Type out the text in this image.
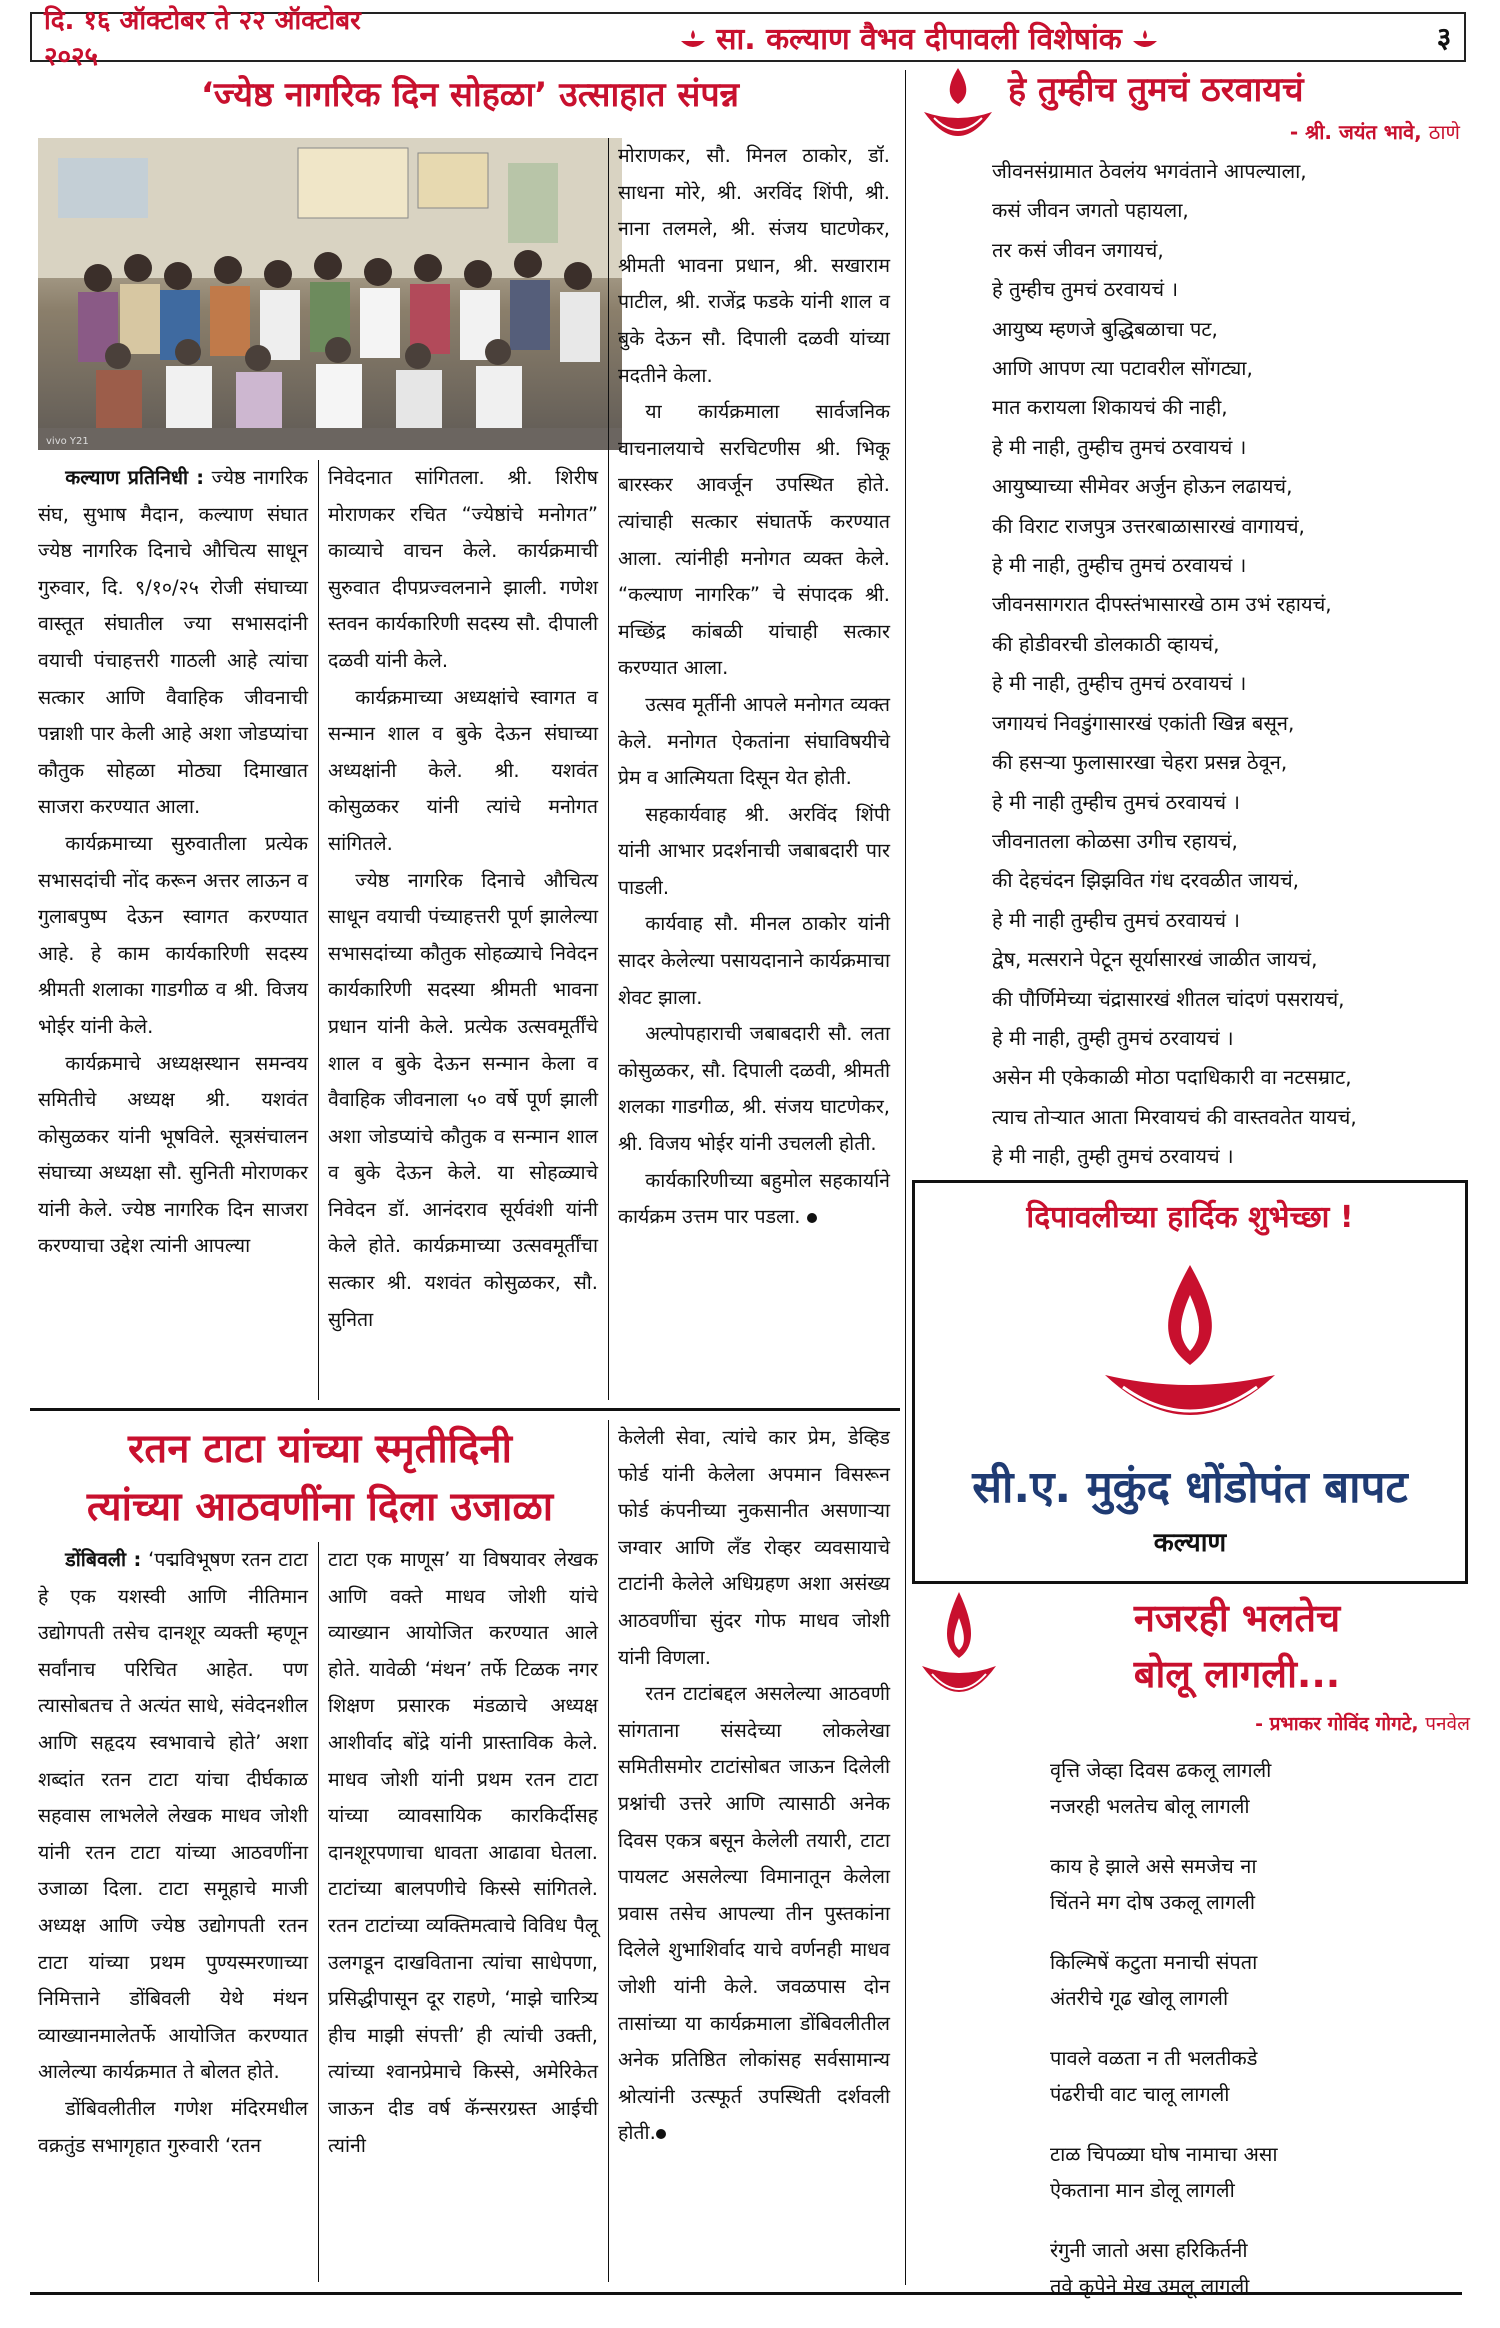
दि. १६ ऑक्टोबर ते २२ ऑक्टोबर २०२५
सा. कल्याण वैभव दीपावली विशेषांक	३
‘ज्येष्ठ नागरिक दिन सोहळा’ उत्साहात संपन्न
vivo Y21

कल्याण प्रतिनिधी : ज्येष्ठ नागरिक संघ, सुभाष मैदान, कल्याण संघात ज्येष्ठ नागरिक दिनाचे औचित्य साधून गुरुवार, दि. ९/१०/२५ रोजी संघाच्या वास्तूत संघातील ज्या सभासदांनी वयाची पंचाहत्तरी गाठली आहे त्यांचा सत्कार आणि वैवाहिक जीवनाची पन्नाशी पार केली आहे अशा जोडप्यांचा कौतुक सोहळा मोठ्या दिमाखात साजरा करण्यात आला.

कार्यक्रमाच्या सुरुवातीला प्रत्येक सभासदांची नोंद करून अत्तर लाऊन व गुलाबपुष्प देऊन स्वागत करण्यात आहे. हे काम कार्यकारिणी सदस्य श्रीमती शलाका गाडगीळ व श्री. विजय भोईर यांनी केले.

कार्यक्रमाचे अध्यक्षस्थान समन्वय समितीचे अध्यक्ष श्री. यशवंत कोसुळकर यांनी भूषविले. सूत्रसंचालन संघाच्या अध्यक्षा सौ. सुनिती मोराणकर यांनी केले. ज्येष्ठ नागरिक दिन साजरा करण्याचा उद्देश त्यांनी आपल्या

निवेदनात सांगितला. श्री. शिरीष मोराणकर रचित “ज्येष्ठांचे मनोगत” काव्याचे वाचन केले. कार्यक्रमाची सुरुवात दीपप्रज्वलनाने झाली. गणेश स्तवन कार्यकारिणी सदस्य सौ. दीपाली दळवी यांनी केले.

कार्यक्रमाच्या अध्यक्षांचे स्वागत व सन्मान शाल व बुके देऊन संघाच्या अध्यक्षांनी केले. श्री. यशवंत कोसुळकर यांनी त्यांचे मनोगत सांगितले.

ज्येष्ठ नागरिक दिनाचे औचित्य साधून वयाची पंच्याहत्तरी पूर्ण झालेल्या सभासदांच्या कौतुक सोहळ्याचे निवेदन कार्यकारिणी सदस्या श्रीमती भावना प्रधान यांनी केले. प्रत्येक उत्सवमूर्तींचे शाल व बुके देऊन सन्मान केला व वैवाहिक जीवनाला ५० वर्षे पूर्ण झाली अशा जोडप्यांचे कौतुक व सन्मान शाल व बुके देऊन केले. या सोहळ्याचे निवेदन डॉ. आनंदराव सूर्यवंशी यांनी केले होते. कार्यक्रमाच्या उत्सवमूर्तींचा सत्कार श्री. यशवंत कोसुळकर, सौ. सुनिता

मोराणकर, सौ. मिनल ठाकोर, डॉ. साधना मोरे, श्री. अरविंद शिंपी, श्री. नाना तलमले, श्री. संजय घाटणेकर, श्रीमती भावना प्रधान, श्री. सखाराम पाटील, श्री. राजेंद्र फडके यांनी शाल व बुके देऊन सौ. दिपाली दळवी यांच्या मदतीने केला.

या कार्यक्रमाला सार्वजनिक वाचनालयाचे सरचिटणीस श्री. भिकू बारस्कर आवर्जून उपस्थित होते. त्यांचाही सत्कार संघातर्फे करण्यात आला. त्यांनीही मनोगत व्यक्त केले. “कल्याण नागरिक” चे संपादक श्री. मच्छिंद्र कांबळी यांचाही सत्कार करण्यात आला.

उत्सव मूर्तीनी आपले मनोगत व्यक्त केले. मनोगत ऐकतांना संघाविषयीचे प्रेम व आत्मियता दिसून येत होती.

सहकार्यवाह श्री. अरविंद शिंपी यांनी आभार प्रदर्शनाची जबाबदारी पार पाडली.

कार्यवाह सौ. मीनल ठाकोर यांनी सादर केलेल्या पसायदानाने कार्यक्रमाचा शेवट झाला.

अल्पोपहाराची जबाबदारी सौ. लता कोसुळकर, सौ. दिपाली दळवी, श्रीमती शलका गाडगीळ, श्री. संजय घाटणेकर, श्री. विजय भोईर यांनी उचलली होती.

कार्यकारिणीच्या बहुमोल सहकार्याने कार्यक्रम उत्तम पार पडला.

रतन टाटा यांच्या स्मृतीदिनी
त्यांच्या आठवणींना दिला उजाळा

डोंबिवली : ‘पद्मविभूषण रतन टाटा हे एक यशस्वी आणि नीतिमान उद्योगपती तसेच दानशूर व्यक्ती म्हणून सर्वांनाच परिचित आहेत. पण त्यासोबतच ते अत्यंत साधे, संवेदनशील आणि सहृदय स्वभावाचे होते’ अशा शब्दांत रतन टाटा यांचा दीर्घकाळ सहवास लाभलेले लेखक माधव जोशी यांनी रतन टाटा यांच्या आठवणींना उजाळा दिला. टाटा समूहाचे माजी अध्यक्ष आणि ज्येष्ठ उद्योगपती रतन टाटा यांच्या प्रथम पुण्यस्मरणाच्या निमित्ताने डोंबिवली येथे मंथन व्याख्यानमालेतर्फे आयोजित करण्यात आलेल्या कार्यक्रमात ते बोलत होते.

डोंबिवलीतील गणेश मंदिरमधील वक्रतुंड सभागृहात गुरुवारी ‘रतन

टाटा एक माणूस’ या विषयावर लेखक आणि वक्ते माधव जोशी यांचे व्याख्यान आयोजित करण्यात आले होते. यावेळी ‘मंथन’ तर्फे टिळक नगर शिक्षण प्रसारक मंडळाचे अध्यक्ष आशीर्वाद बोंद्रे यांनी प्रास्ताविक केले. माधव जोशी यांनी प्रथम रतन टाटा यांच्या व्यावसायिक कारकिर्दीसह दानशूरपणाचा धावता आढावा घेतला. टाटांच्या बालपणीचे किस्से सांगितले. रतन टाटांच्या व्यक्तिमत्वाचे विविध पैलू उलगडून दाखविताना त्यांचा साधेपणा, प्रसिद्धीपासून दूर राहणे, ‘माझे चारित्र्य हीच माझी संपत्ती’ ही त्यांची उक्ती, त्यांच्या श्वानप्रेमाचे किस्से, अमेरिकेत जाऊन दीड वर्ष कॅन्सरग्रस्त आईची त्यांनी

केलेली सेवा, त्यांचे कार प्रेम, डेव्हिड फोर्ड यांनी केलेला अपमान विसरून फोर्ड कंपनीच्या नुकसानीत असणाऱ्या जग्वार आणि लँड रोव्हर व्यवसायाचे टाटांनी केलेले अधिग्रहण अशा असंख्य आठवणींचा सुंदर गोफ माधव जोशी यांनी विणला.

रतन टाटांबद्दल असलेल्या आठवणी सांगताना संसदेच्या लोकलेखा समितीसमोर टाटांसोबत जाऊन दिलेली प्रश्नांची उत्तरे आणि त्यासाठी अनेक दिवस एकत्र बसून केलेली तयारी, टाटा पायलट असलेल्या विमानातून केलेला प्रवास तसेच आपल्या तीन पुस्तकांना दिलेले शुभाशिर्वाद याचे वर्णनही माधव जोशी यांनी केले. जवळपास दोन तासांच्या या कार्यक्रमाला डोंबिवलीतील अनेक प्रतिष्ठित लोकांसह सर्वसामान्य श्रोत्यांनी उत्स्फूर्त उपस्थिती दर्शवली होती.

हे तुम्हीच तुमचं ठरवायचं
- श्री. जयंत भावे, ठाणे
जीवनसंग्रामात ठेवलंय भगवंताने आपल्याला,
कसं जीवन जगतो पहायला,
तर कसं जीवन जगायचं,
हे तुम्हीच तुमचं ठरवायचं ।
आयुष्य म्हणजे बुद्धिबळाचा पट,
आणि आपण त्या पटावरील सोंगट्या,
मात करायला शिकायचं की नाही,
हे मी नाही, तुम्हीच तुमचं ठरवायचं ।
आयुष्याच्या सीमेवर अर्जुन होऊन लढायचं,
की विराट राजपुत्र उत्तरबाळासारखं वागायचं,
हे मी नाही, तुम्हीच तुमचं ठरवायचं ।
जीवनसागरात दीपस्तंभासारखे ठाम उभं रहायचं,
की होडीवरची डोलकाठी व्हायचं,
हे मी नाही, तुम्हीच तुमचं ठरवायचं ।
जगायचं निवडुंगासारखं एकांती खिन्न बसून,
की हसऱ्या फुलासारखा चेहरा प्रसन्न ठेवून,
हे मी नाही तुम्हीच तुमचं ठरवायचं ।
जीवनातला कोळसा उगीच रहायचं,
की देहचंदन झिझवित गंध दरवळीत जायचं,
हे मी नाही तुम्हीच तुमचं ठरवायचं ।
द्वेष, मत्सराने पेटून सूर्यासारखं जाळीत जायचं,
की पौर्णिमेच्या चंद्रासारखं शीतल चांदणं पसरायचं,
हे मी नाही, तुम्ही तुमचं ठरवायचं ।
असेन मी एकेकाळी मोठा पदाधिकारी वा नटसम्राट,
त्याच तोऱ्यात आता मिरवायचं की वास्तवतेत यायचं,
हे मी नाही, तुम्ही तुमचं ठरवायचं ।
दिपावलीच्या हार्दिक शुभेच्छा !
सी.ए. मुकुंद धोंडोपंत बापट
कल्याण
नजरही भलतेच
बोलू लागली...
- प्रभाकर गोविंद गोगटे, पनवेल
वृत्ति जेव्हा दिवस ढकलू लागली
नजरही भलतेच बोलू लागली
काय हे झाले असे समजेच ना
चिंतने मग दोष उकलू लागली
किल्मिषें कटुता मनाची संपता
अंतरीचे गूढ खोलू लागली
पावले वळता न ती भलतीकडे
पंढरीची वाट चालू लागली
टाळ चिपळ्या घोष नामाचा असा
ऐकताना मान डोलू लागली
रंगुनी जातो असा हरिकिर्तनी
तवे कृपेने मेख उमलू लागली
